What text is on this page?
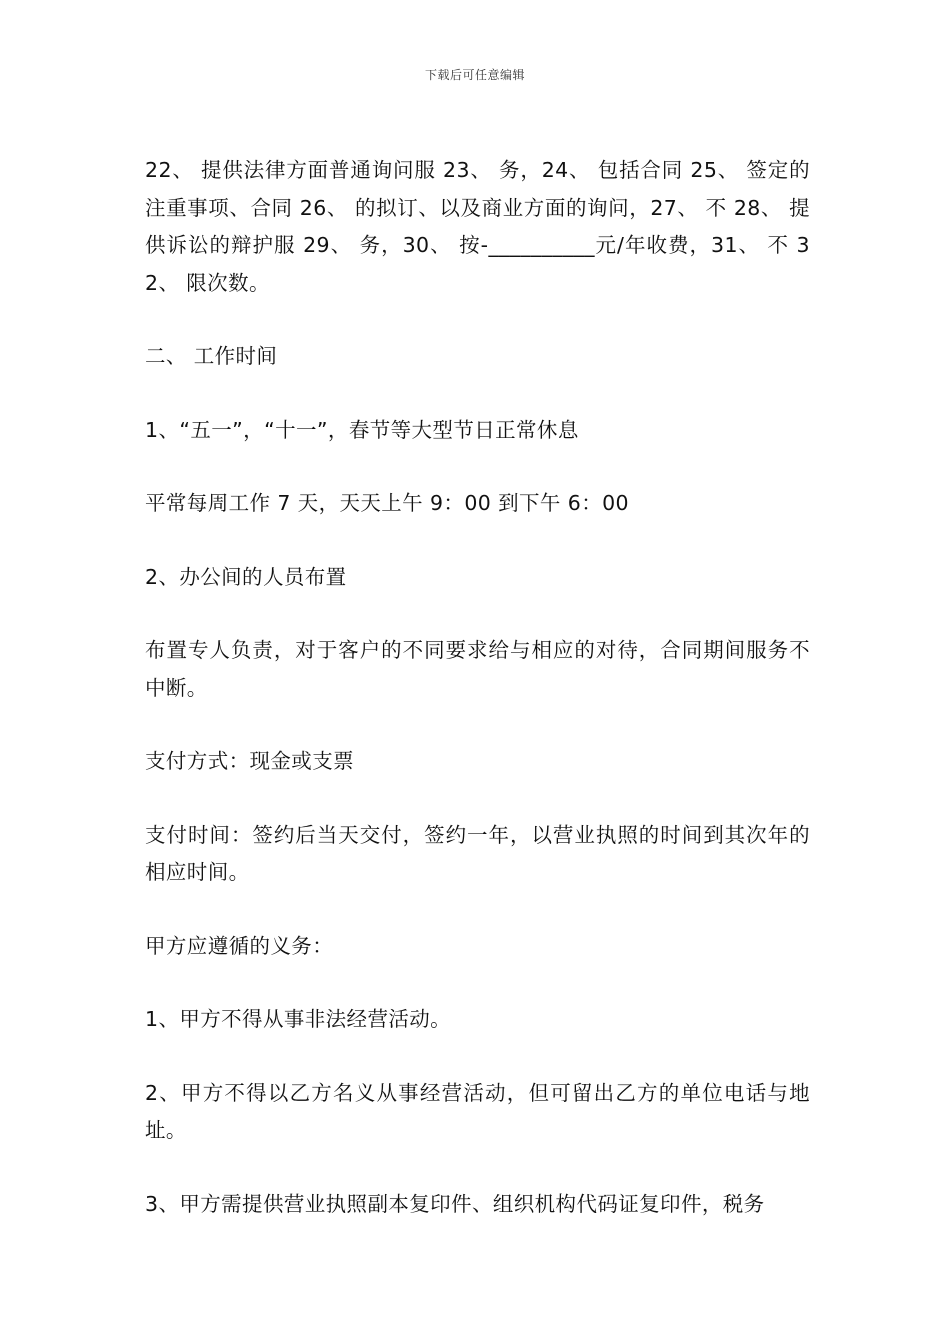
下载后可任意编辑

22、 提供法律方面普通询问服 23、 务，24、 包括合同 25、 签定的注重事项、合同 26、 的拟订、以及商业方面的询问，27、 不 28、 提供诉讼的辩护服 29、 务，30、 按-__________元/年收费，31、 不 32、 限次数。

二、 工作时间

1、“五一”，“十一”，春节等大型节日正常休息

平常每周工作 7 天，天天上午 9：00 到下午 6：00

2、办公间的人员布置

布置专人负责，对于客户的不同要求给与相应的对待，合同期间服务不中断。

支付方式：现金或支票

支付时间：签约后当天交付，签约一年，以营业执照的时间到其次年的相应时间。

甲方应遵循的义务：

1、甲方不得从事非法经营活动。

2、甲方不得以乙方名义从事经营活动，但可留出乙方的单位电话与地址。

3、甲方需提供营业执照副本复印件、组织机构代码证复印件，税务
